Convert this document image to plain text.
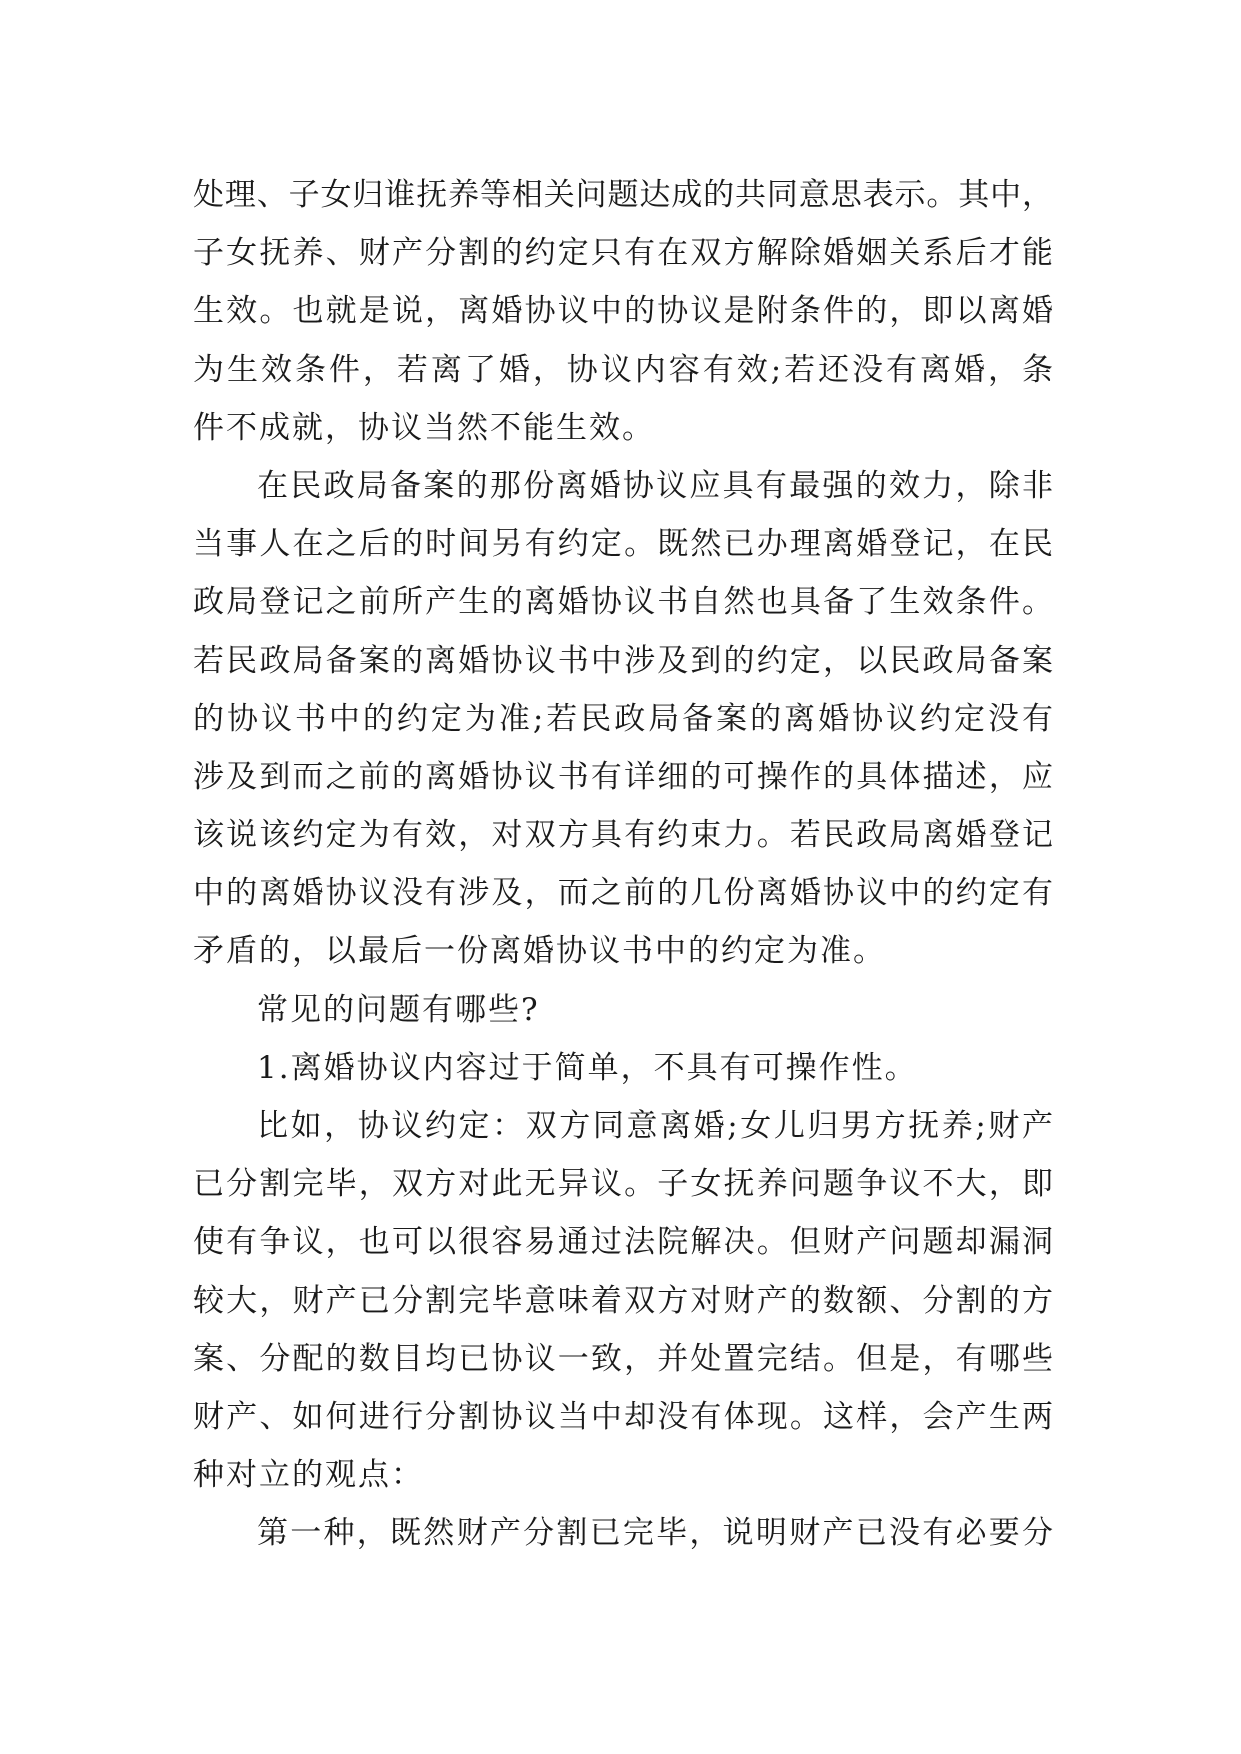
处理、子女归谁抚养等相关问题达成的共同意思表示。其中，
子女抚养、财产分割的约定只有在双方解除婚姻关系后才能
生效。也就是说，离婚协议中的协议是附条件的，即以离婚
为生效条件，若离了婚，协议内容有效;若还没有离婚，条
件不成就，协议当然不能生效。
在民政局备案的那份离婚协议应具有最强的效力，除非
当事人在之后的时间另有约定。既然已办理离婚登记，在民
政局登记之前所产生的离婚协议书自然也具备了生效条件。
若民政局备案的离婚协议书中涉及到的约定，以民政局备案
的协议书中的约定为准;若民政局备案的离婚协议约定没有
涉及到而之前的离婚协议书有详细的可操作的具体描述，应
该说该约定为有效，对双方具有约束力。若民政局离婚登记
中的离婚协议没有涉及，而之前的几份离婚协议中的约定有
矛盾的，以最后一份离婚协议书中的约定为准。
常见的问题有哪些?
1.离婚协议内容过于简单，不具有可操作性。
比如，协议约定：双方同意离婚;女儿归男方抚养;财产
已分割完毕，双方对此无异议。子女抚养问题争议不大，即
使有争议，也可以很容易通过法院解决。但财产问题却漏洞
较大，财产已分割完毕意味着双方对财产的数额、分割的方
案、分配的数目均已协议一致，并处置完结。但是，有哪些
财产、如何进行分割协议当中却没有体现。这样，会产生两
种对立的观点：
第一种，既然财产分割已完毕，说明财产已没有必要分
